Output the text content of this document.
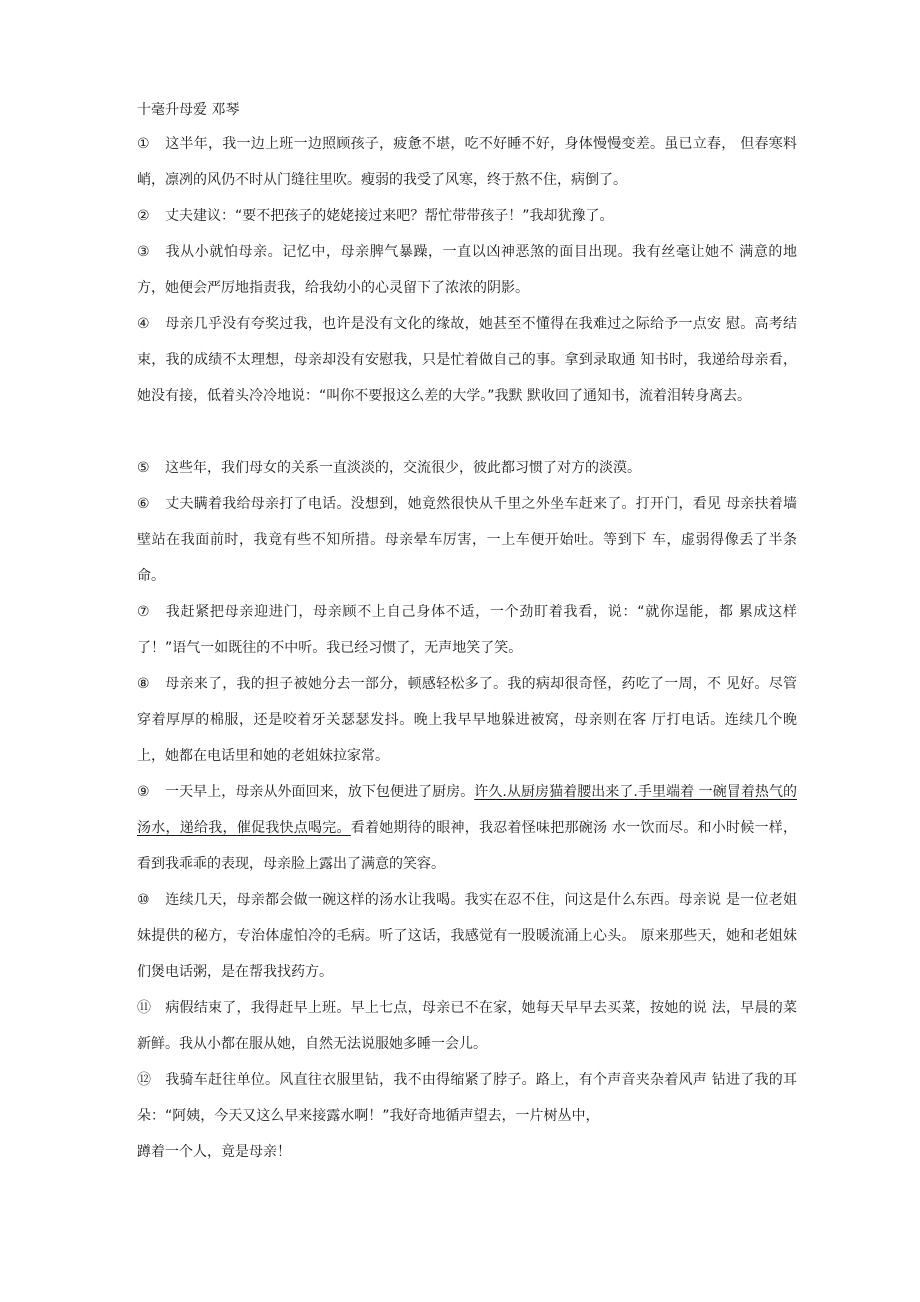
十毫升母爱 邓琴
① 这半年，我一边上班一边照顾孩子，疲惫不堪，吃不好睡不好，身体慢慢变差。虽已立春， 但春寒料峭，凛冽的风仍不时从门缝往里吹。瘦弱的我受了风寒，终于熬不住，病倒了。
② 丈夫建议：“要不把孩子的姥姥接过来吧？帮忙带带孩子！”我却犹豫了。
③ 我从小就怕母亲。记忆中，母亲脾气暴躁，一直以凶神恶煞的面目出现。我有丝毫让她不 满意的地方，她便会严厉地指责我，给我幼小的心灵留下了浓浓的阴影。
④ 母亲几乎没有夸奖过我，也许是没有文化的缘故，她甚至不懂得在我难过之际给予一点安 慰。高考结束，我的成绩不太理想，母亲却没有安慰我，只是忙着做自己的事。拿到录取通 知书时，我递给母亲看，她没有接，低着头冷冷地说：“叫你不要报这么差的大学。”我默 默收回了通知书，流着泪转身离去。
⑤ 这些年，我们母女的关系一直淡淡的，交流很少，彼此都习惯了对方的淡漠。
⑥ 丈夫瞒着我给母亲打了电话。没想到，她竟然很快从千里之外坐车赶来了。打开门，看见 母亲扶着墙壁站在我面前时，我竟有些不知所措。母亲晕车厉害，一上车便开始吐。等到下 车，虚弱得像丢了半条命。
⑦ 我赶紧把母亲迎进门，母亲顾不上自己身体不适，一个劲盯着我看，说：“就你逞能，都 累成这样了！”语气一如既往的不中听。我已经习惯了，无声地笑了笑。
⑧ 母亲来了，我的担子被她分去一部分，顿感轻松多了。我的病却很奇怪，药吃了一周，不 见好。尽管穿着厚厚的棉服，还是咬着牙关瑟瑟发抖。晚上我早早地躲进被窝，母亲则在客 厅打电话。连续几个晚上，她都在电话里和她的老姐妹拉家常。
⑨ 一天早上，母亲从外面回来，放下包便进了厨房。许久.从厨房猫着腰出来了.手里端着 一碗冒着热气的汤水，递给我，催促我快点喝完。看着她期待的眼神，我忍着怪味把那碗汤 水一饮而尽。和小时候一样，看到我乖乖的表现，母亲脸上露出了满意的笑容。
⑩ 连续几天，母亲都会做一碗这样的汤水让我喝。我实在忍不住，问这是什么东西。母亲说 是一位老姐妹提供的秘方，专治体虚怕冷的毛病。听了这话，我感觉有一股暖流涌上心头。 原来那些天，她和老姐妹们煲电话粥，是在帮我找药方。
⑪ 病假结束了，我得赶早上班。早上七点，母亲已不在家，她每天早早去买菜，按她的说 法，早晨的菜新鲜。我从小都在服从她，自然无法说服她多睡一会儿。
⑫ 我骑车赶往单位。风直往衣服里钻，我不由得缩紧了脖子。路上，有个声音夹杂着风声 钻进了我的耳朵：“阿姨，今天又这么早来接露水啊！”我好奇地循声望去，一片树丛中，
蹲着一个人，竟是母亲！
